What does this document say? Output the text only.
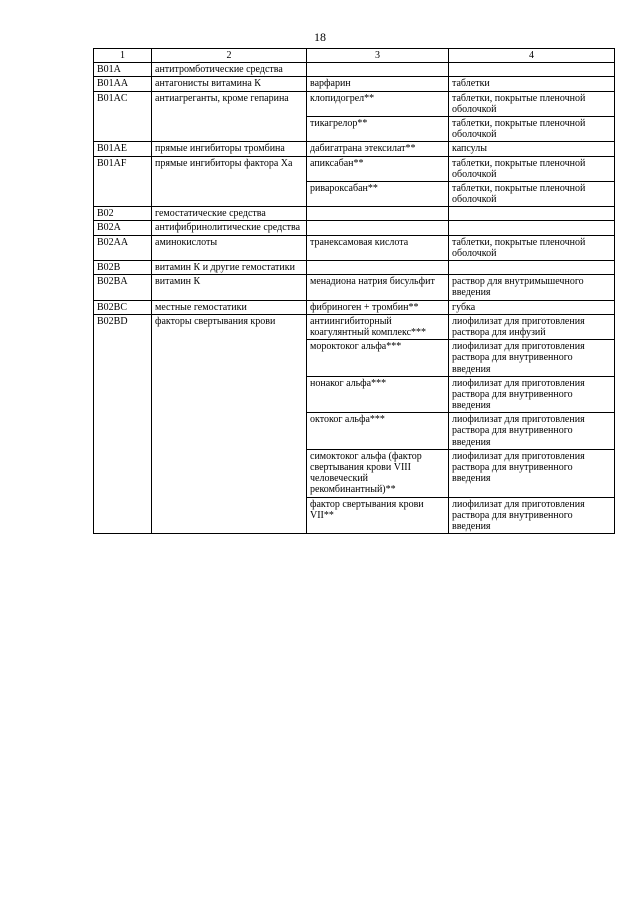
18
1	2	3	4
B01A	антитромботические средства		
B01AA	антагонисты витамина К	варфарин	таблетки
B01AC	антиагреганты, кроме гепарина	клопидогрел**	таблетки, покрытые пленочной оболочкой
		тикагрелор**	таблетки, покрытые пленочной оболочкой
B01AE	прямые ингибиторы тромбина	дабигатрана этексилат**	капсулы
B01AF	прямые ингибиторы фактора Ха	апиксабан**	таблетки, покрытые пленочной оболочкой
		ривароксабан**	таблетки, покрытые пленочной оболочкой
B02	гемостатические средства		
B02A	антифибринолитические средства		
B02AA	аминокислоты	транексамовая кислота	таблетки, покрытые пленочной оболочкой
B02B	витамин К и другие гемостатики		
B02BA	витамин К	менадиона натрия бисульфит	раствор для внутримышечного введения
B02BC	местные гемостатики	фибриноген + тромбин**	губка
B02BD	факторы свертывания крови	антиингибиторный коагулянтный комплекс***	лиофилизат для приготовления раствора для инфузий
		мороктоког альфа***	лиофилизат для приготовления раствора для внутривенного введения
		нонаког альфа***	лиофилизат для приготовления раствора для внутривенного введения
		октоког альфа***	лиофилизат для приготовления раствора для внутривенного введения
		симоктоког альфа (фактор свертывания крови VIII человеческий рекомбинантный)**	лиофилизат для приготовления раствора для внутривенного введения
		фактор свертывания крови VII**	лиофилизат для приготовления раствора для внутривенного введения
